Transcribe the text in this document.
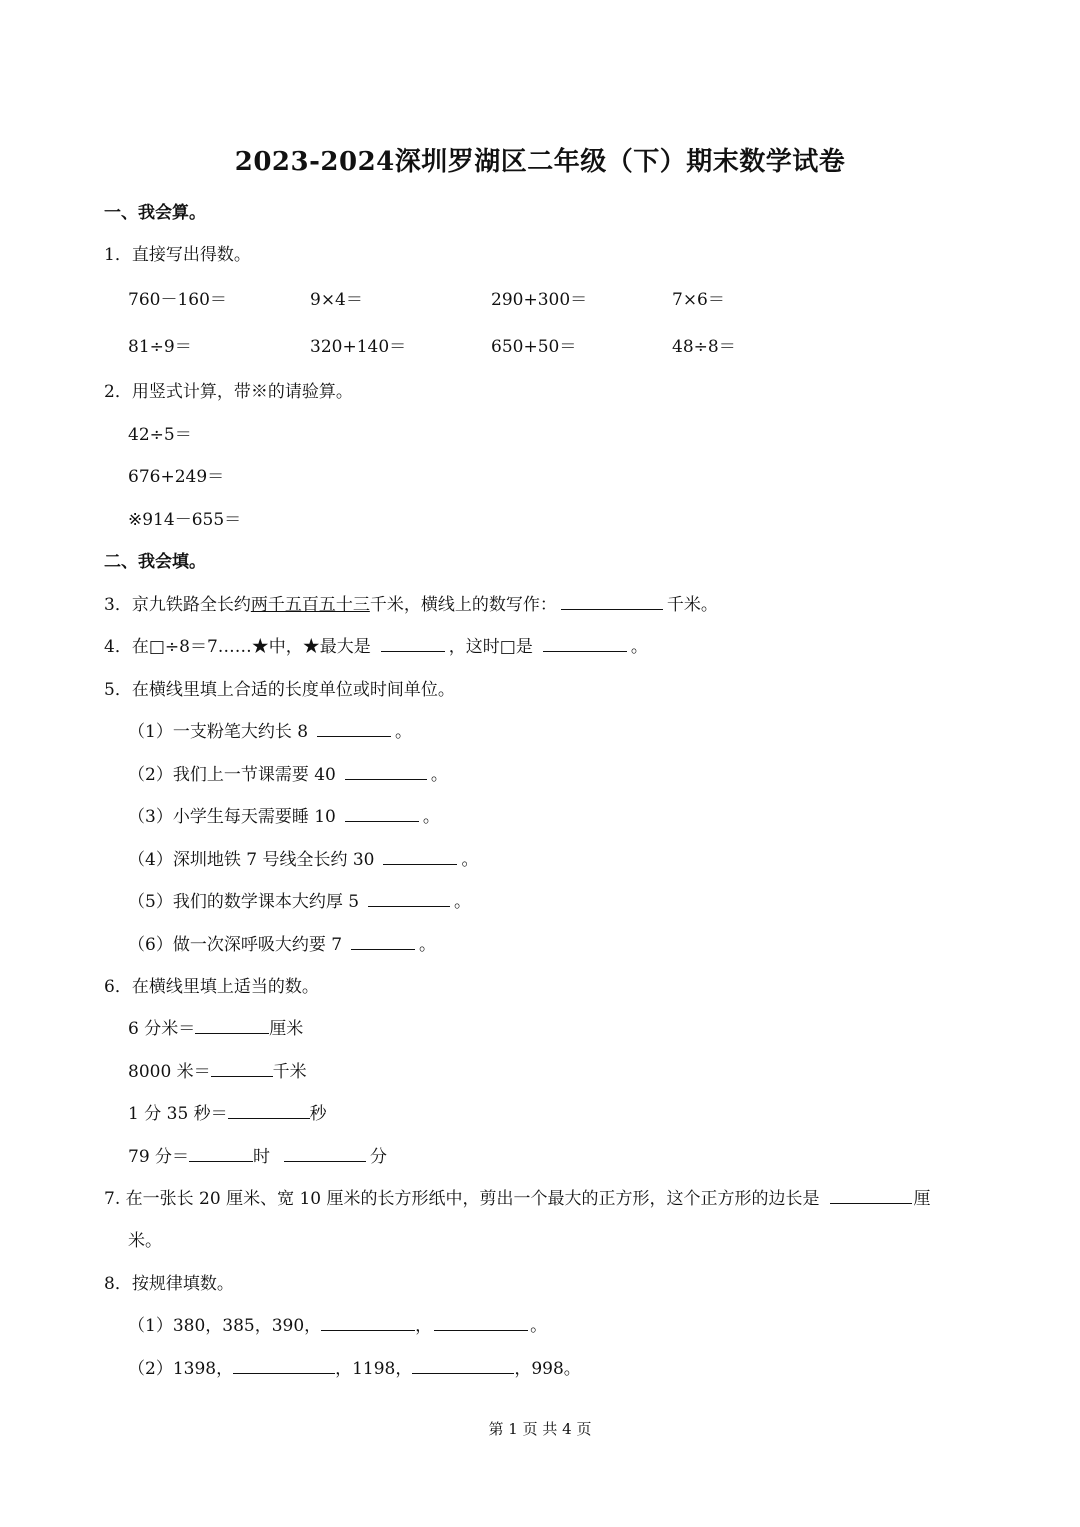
2023-2024深圳罗湖区二年级（下）期末数学试卷
一、我会算。
1．直接写出得数。
760－160＝	9×4＝	290+300＝	7×6＝
81÷9＝	320+140＝	650+50＝	48÷8＝
2．用竖式计算，带※的请验算。
42÷5＝
676+249＝
※914－655＝
二、我会填。
3．京九铁路全长约两千五百五十三千米，横线上的数写作：	千米。
4．在□÷8＝7……★中，★最大是	，这时□是	。
5．在横线里填上合适的长度单位或时间单位。
（1）一支粉笔大约长 8	。
（2）我们上一节课需要 40	。
（3）小学生每天需要睡 10	。
（4）深圳地铁 7 号线全长约 30	。
（5）我们的数学课本大约厚 5	。
（6）做一次深呼吸大约要 7	。
6．在横线里填上适当的数。
6 分米＝	厘米
8000 米＝	千米
1 分 35 秒＝	秒
79 分＝	时	分
7. 在一张长 20 厘米、宽 10 厘米的长方形纸中，剪出一个最大的正方形，这个正方形的边长是	厘
米。
8．按规律填数。
（1）380，385，390，	，	。
（2）1398，	，1198，	，998。
第 1 页 共 4 页
